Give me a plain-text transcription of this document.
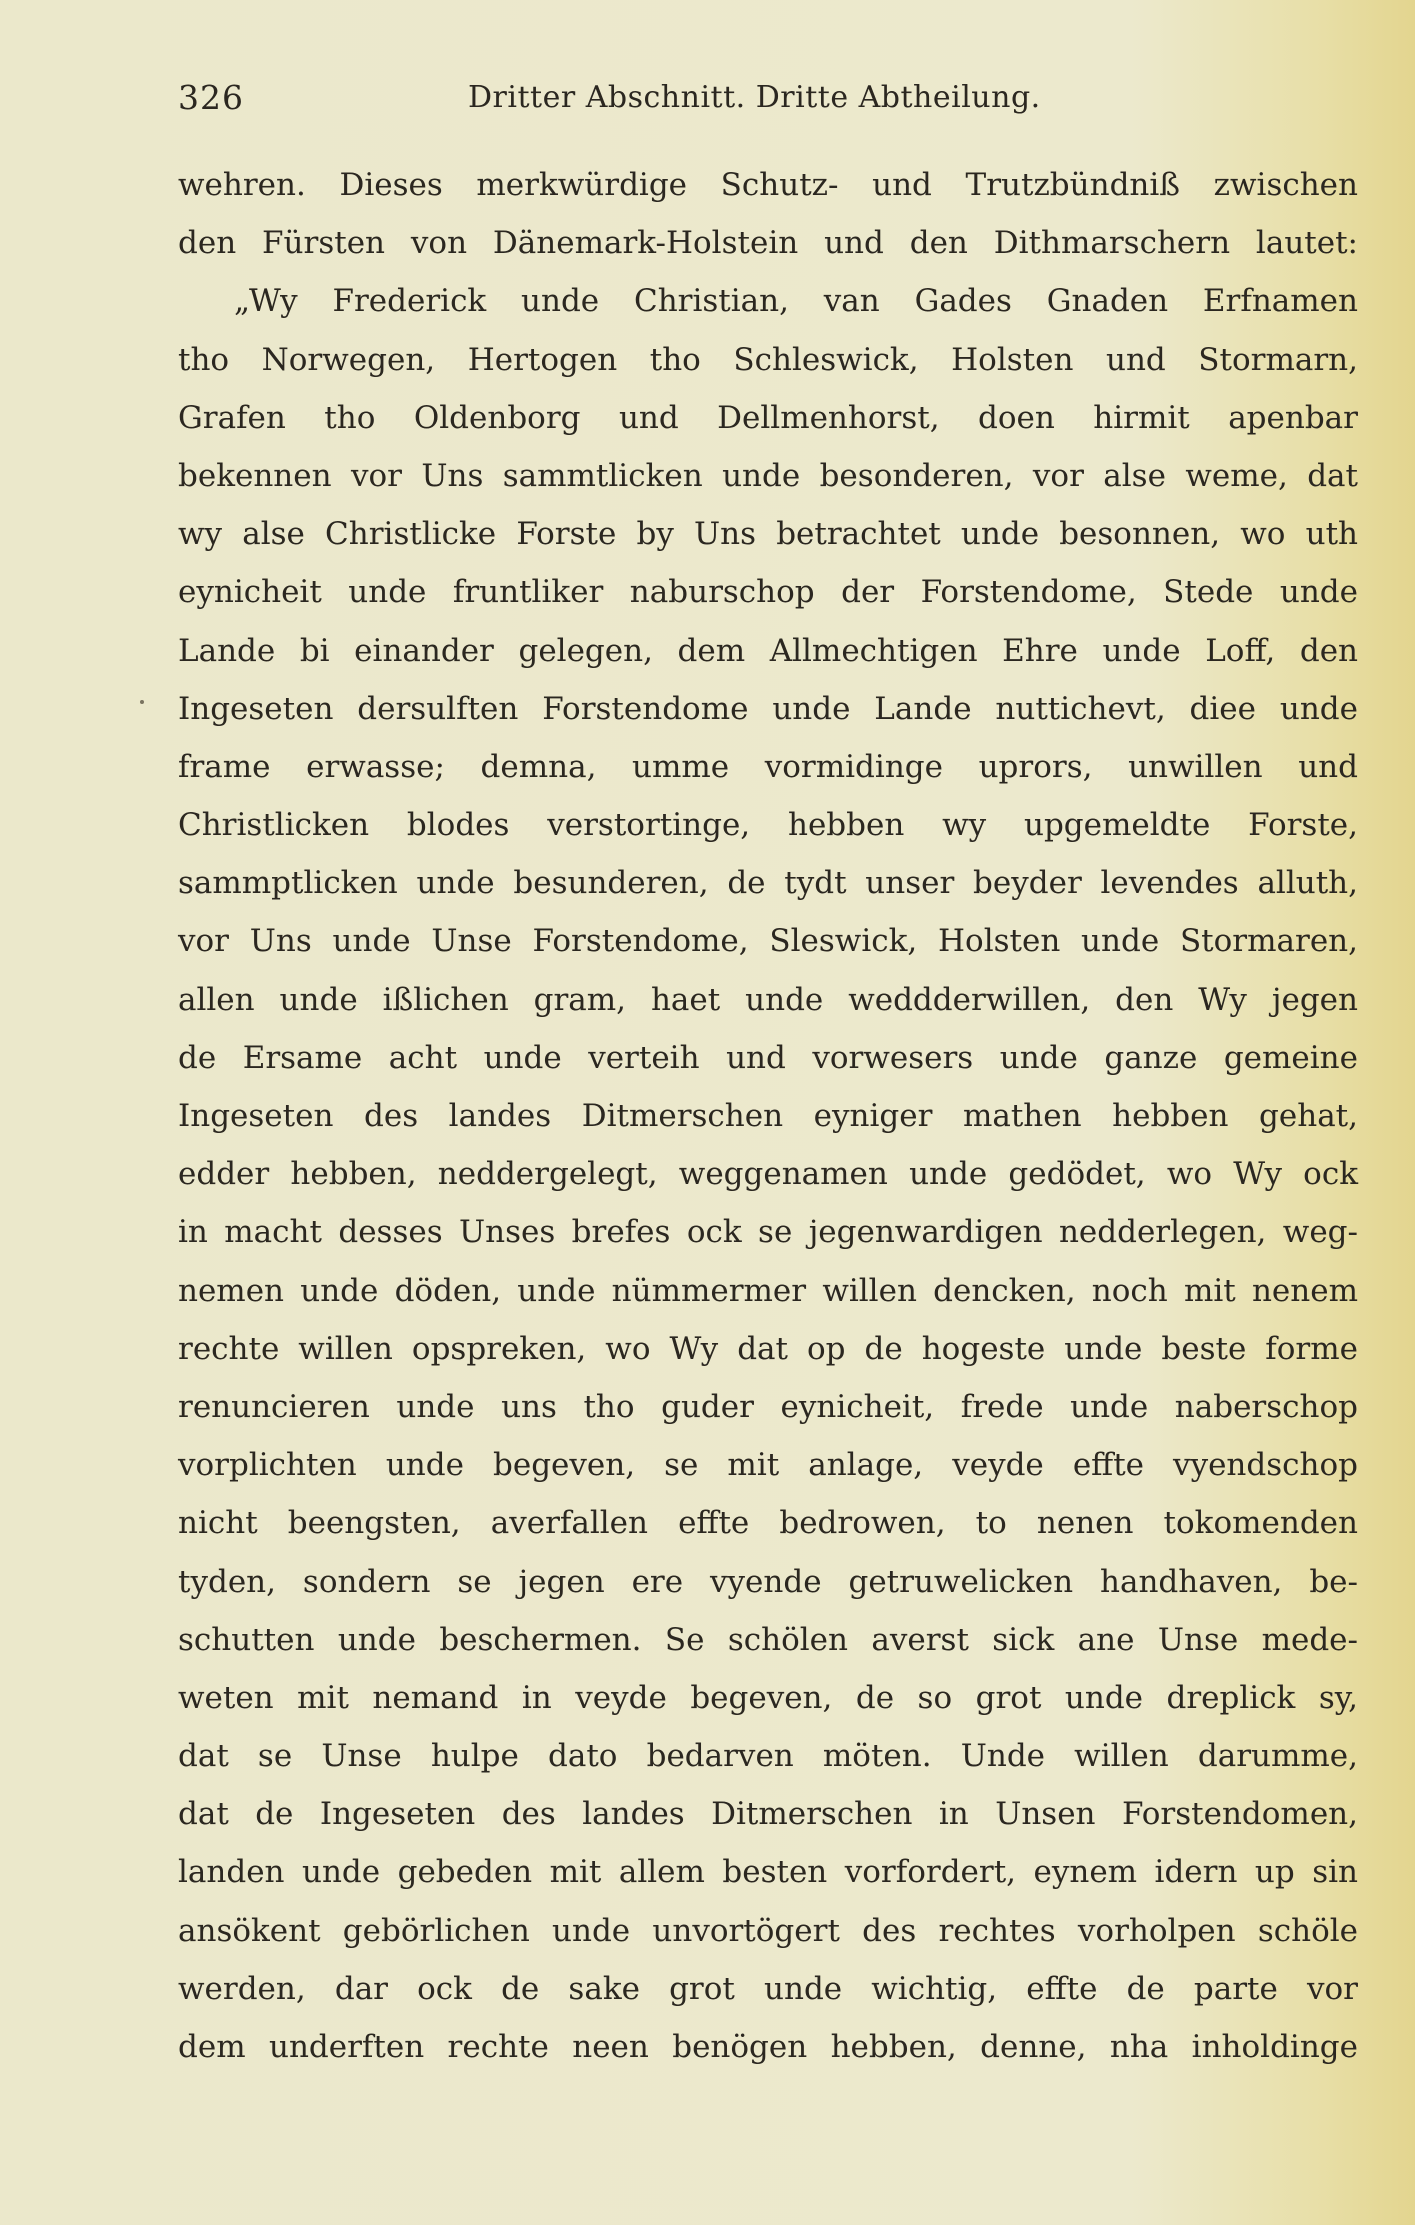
326	Dritter Abschnitt. Dritte Abtheilung.
wehren. Dieses merkwürdige Schutz- und Trutzbündniß zwischen
den Fürsten von Dänemark-Holstein und den Dithmarschern lautet:
„Wy Frederick unde Christian, van Gades Gnaden Erfnamen
tho Norwegen, Hertogen tho Schleswick, Holsten und Stormarn,
Grafen tho Oldenborg und Dellmenhorst, doen hirmit apenbar
bekennen vor Uns sammtlicken unde besonderen, vor alse weme, dat
wy alse Christlicke Forste by Uns betrachtet unde besonnen, wo uth
eynicheit unde fruntliker naburschop der Forstendome, Stede unde
Lande bi einander gelegen, dem Allmechtigen Ehre unde Loff, den
Ingeseten dersulften Forstendome unde Lande nuttichevt, diee unde
frame erwasse; demna, umme vormidinge uprors, unwillen und
Christlicken blodes verstortinge, hebben wy upgemeldte Forste,
sammptlicken unde besunderen, de tydt unser beyder levendes alluth,
vor Uns unde Unse Forstendome, Sleswick, Holsten unde Stormaren,
allen unde ißlichen gram, haet unde weddderwillen, den Wy jegen
de Ersame acht unde verteih und vorwesers unde ganze gemeine
Ingeseten des landes Ditmerschen eyniger mathen hebben gehat,
edder hebben, neddergelegt, weggenamen unde gedödet, wo Wy ock
in macht desses Unses brefes ock se jegenwardigen nedderlegen, weg-
nemen unde döden, unde nümmermer willen dencken, noch mit nenem
rechte willen opspreken, wo Wy dat op de hogeste unde beste forme
renuncieren unde uns tho guder eynicheit, frede unde naberschop
vorplichten unde begeven, se mit anlage, veyde effte vyendschop
nicht beengsten, averfallen effte bedrowen, to nenen tokomenden
tyden, sondern se jegen ere vyende getruwelicken handhaven, be-
schutten unde beschermen. Se schölen averst sick ane Unse mede-
weten mit nemand in veyde begeven, de so grot unde dreplick sy,
dat se Unse hulpe dato bedarven möten. Unde willen darumme,
dat de Ingeseten des landes Ditmerschen in Unsen Forstendomen,
landen unde gebeden mit allem besten vorfordert, eynem idern up sin
ansökent gebörlichen unde unvortögert des rechtes vorholpen schöle
werden, dar ock de sake grot unde wichtig, effte de parte vor
dem underften rechte neen benögen hebben, denne, nha inholdinge
